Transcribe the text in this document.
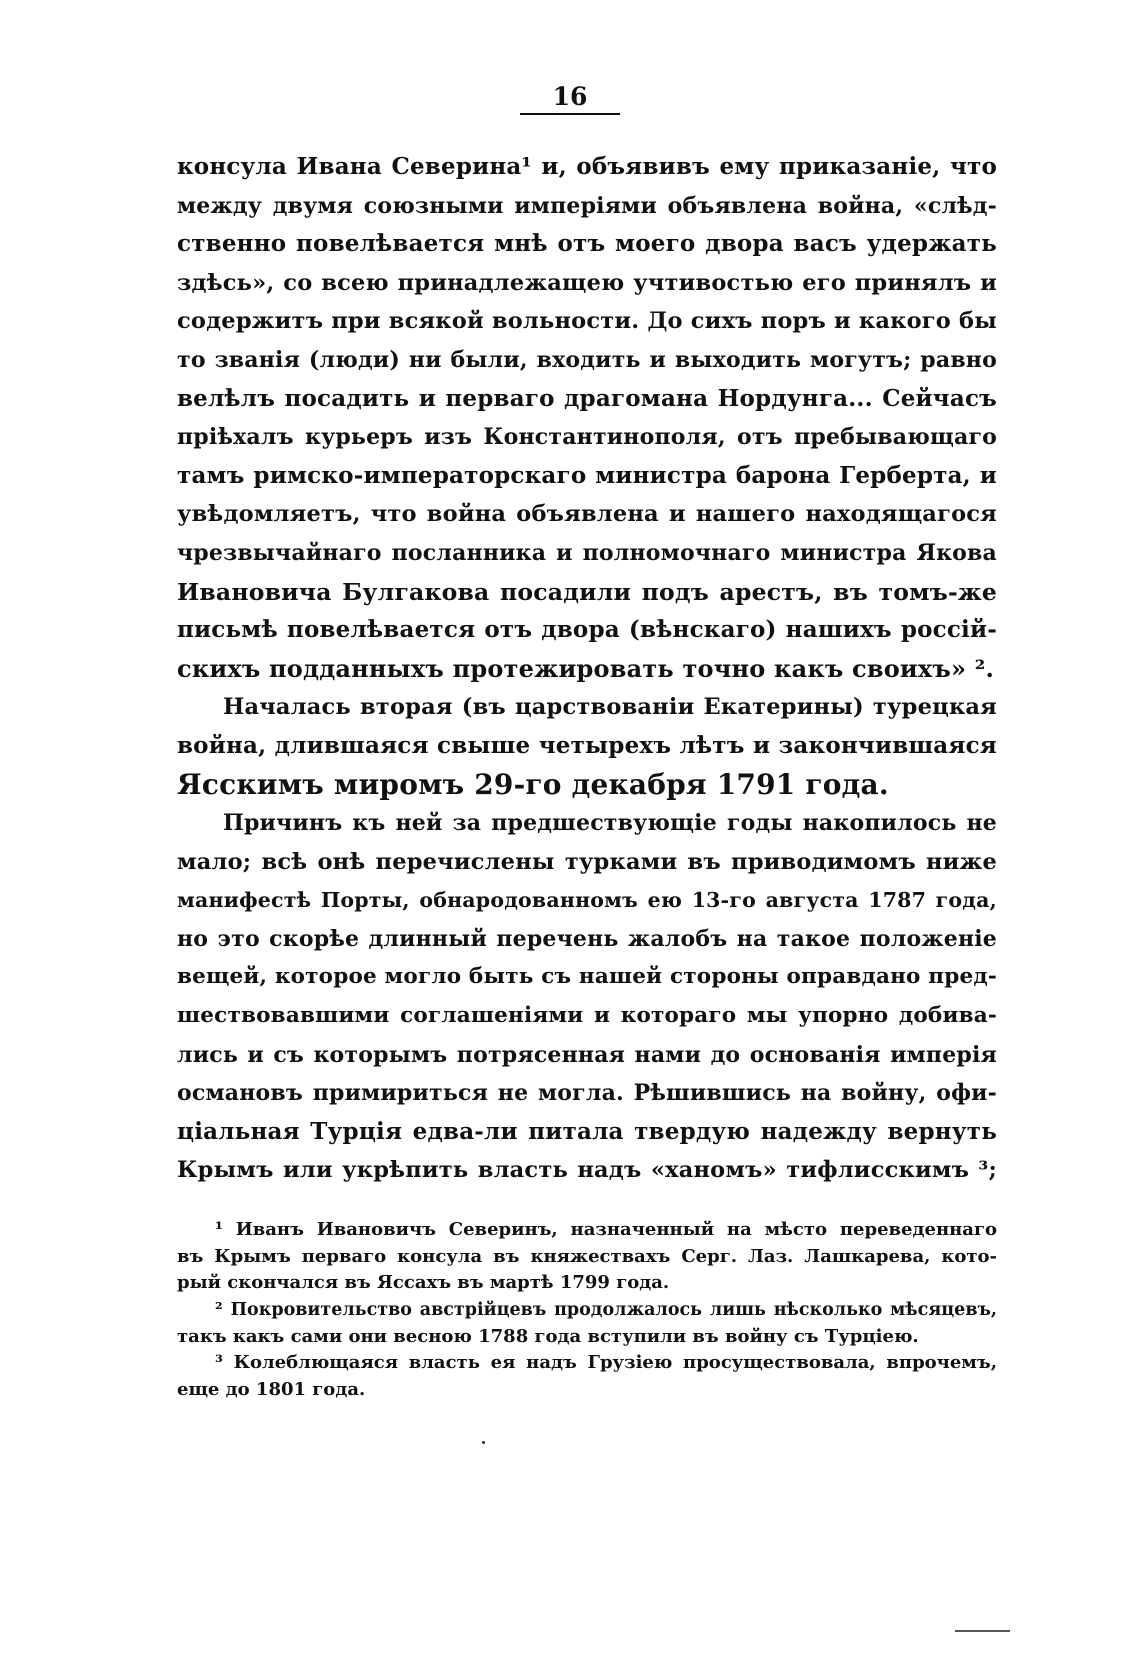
16
консула Ивана Северина¹ и, объявивъ ему приказаніе, что
между двумя союзными имперіями объявлена война, «слѣд-
ственно повелѣвается мнѣ отъ моего двора васъ удержать
здѣсь», со всею принадлежащею учтивостью его принялъ и
содержитъ при всякой вольности. До сихъ поръ и какого бы
то званія (люди) ни были, входить и выходить могутъ; равно
велѣлъ посадить и перваго драгомана Нордунга... Сейчасъ
пріѣхалъ курьеръ изъ Константинополя, отъ пребывающаго
тамъ римско-императорскаго министра барона Герберта, и
увѣдомляетъ, что война объявлена и нашего находящагося
чрезвычайнаго посланника и полномочнаго министра Якова
Ивановича Булгакова посадили подъ арестъ, въ томъ-же
письмѣ повелѣвается отъ двора (вѣнскаго) нашихъ россій-
скихъ подданныхъ протежировать точно какъ своихъ» ².
Началась вторая (въ царствованіи Екатерины) турецкая
война, длившаяся свыше четырехъ лѣтъ и закончившаяся
Ясскимъ миромъ 29-го декабря 1791 года.
Причинъ къ ней за предшествующіе годы накопилось не
мало; всѣ онѣ перечислены турками въ приводимомъ ниже
манифестѣ Порты, обнародованномъ ею 13-го августа 1787 года,
но это скорѣе длинный перечень жалобъ на такое положеніе
вещей, которое могло быть съ нашей стороны оправдано пред-
шествовавшими соглашеніями и котораго мы упорно добива-
лись и съ которымъ потрясенная нами до основанія имперія
османовъ примириться не могла. Рѣшившись на войну, офи-
ціальная Турція едва-ли питала твердую надежду вернуть
Крымъ или укрѣпить власть надъ «ханомъ» тифлисскимъ ³;
¹ Иванъ Ивановичъ Северинъ, назначенный на мѣсто переведеннаго
въ Крымъ перваго консула въ княжествахъ Серг. Лаз. Лашкарева, кото-
рый скончался въ Яссахъ въ мартѣ 1799 года.
² Покровительство австрійцевъ продолжалось лишь нѣсколько мѣсяцевъ,
такъ какъ сами они весною 1788 года вступили въ войну съ Турціею.
³ Колеблющаяся власть ея надъ Грузіею просуществовала, впрочемъ,
еще до 1801 года.
